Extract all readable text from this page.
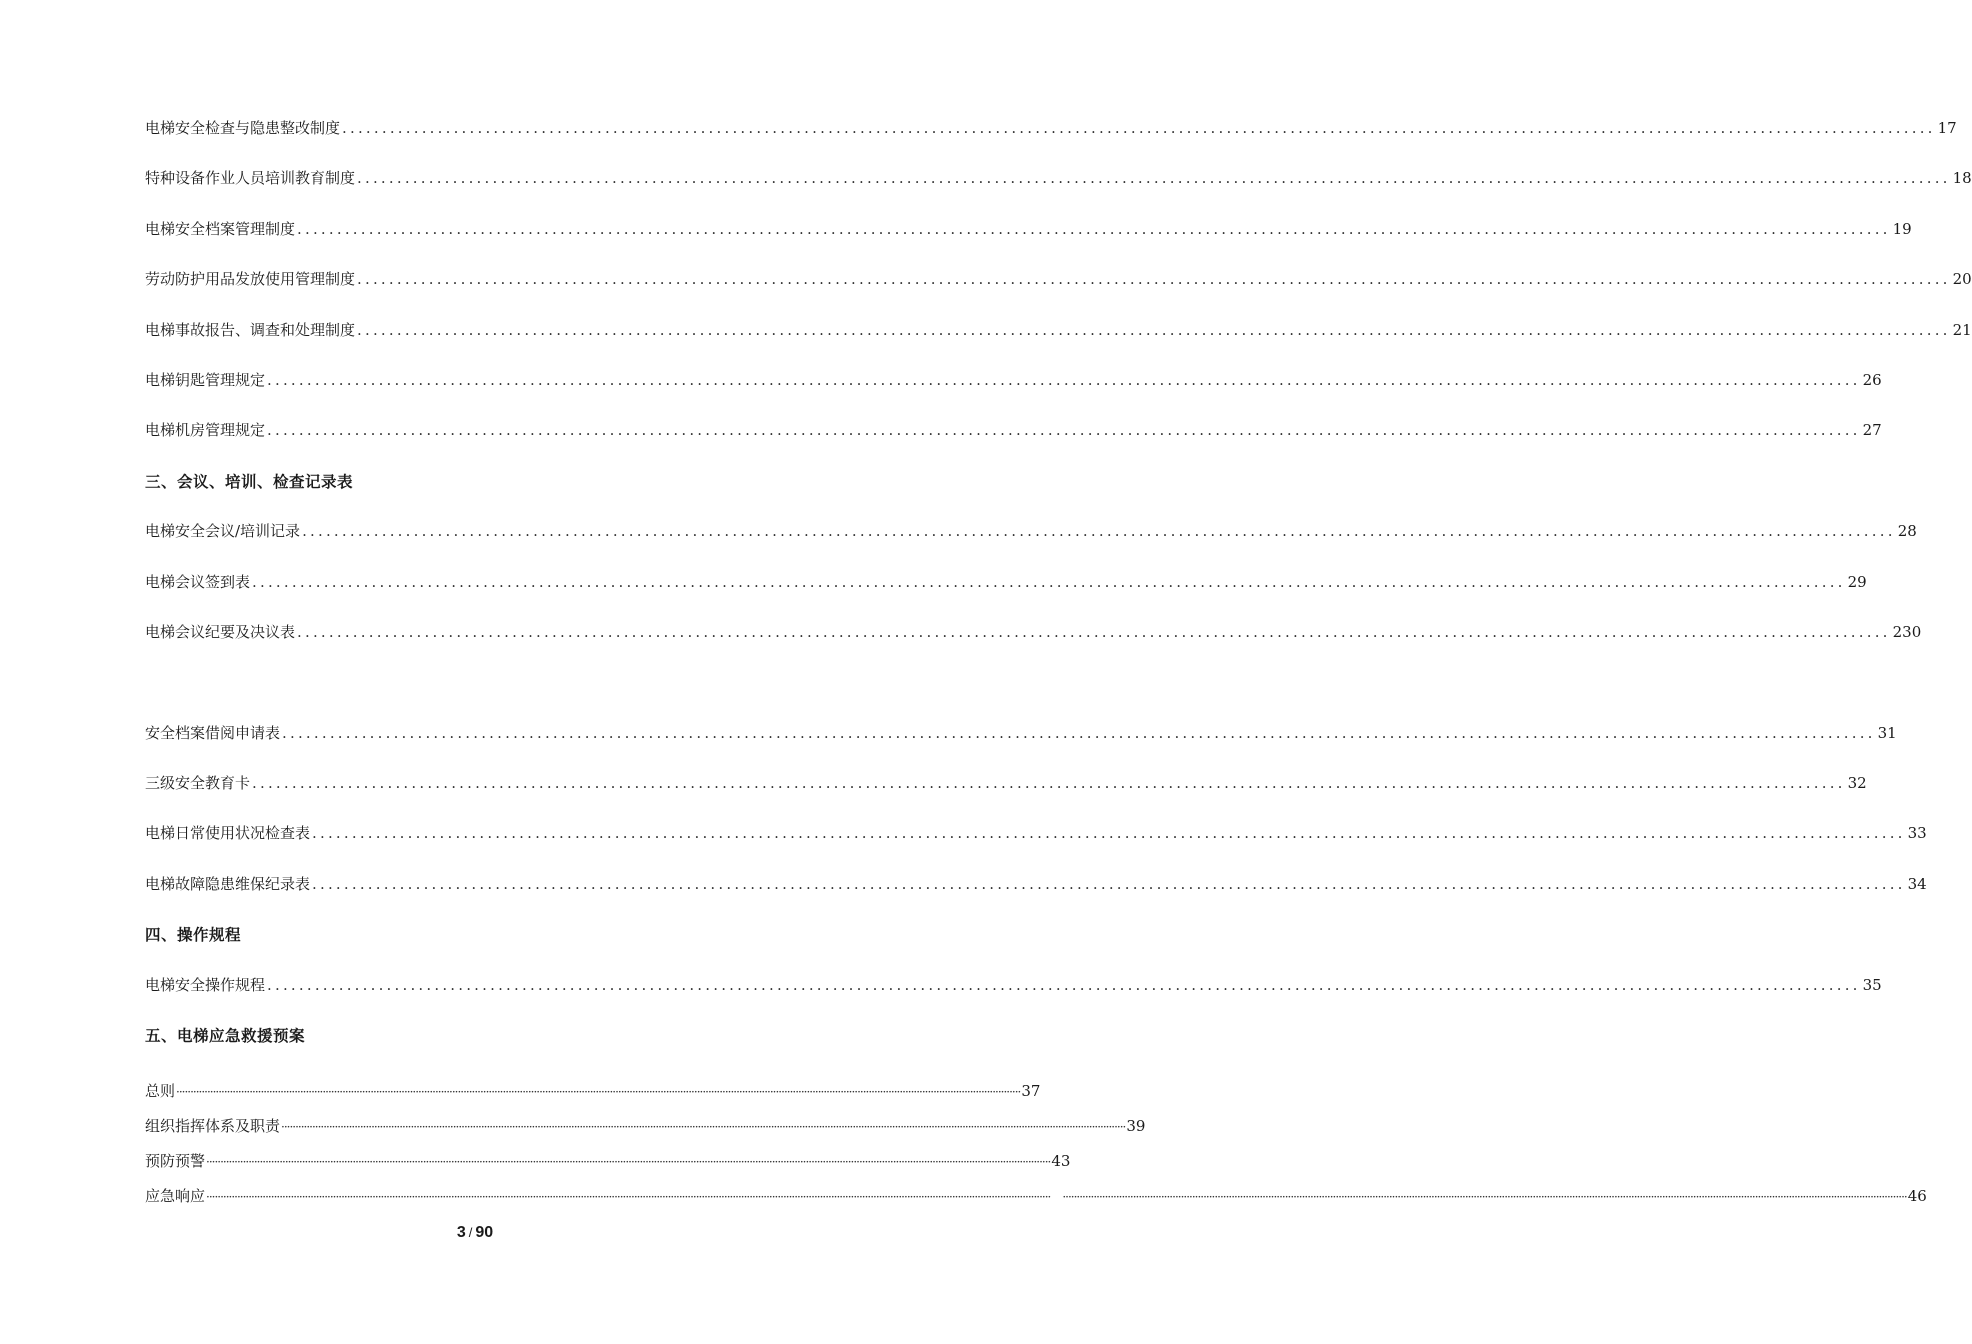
电梯安全检查与隐患整改制度 ........................................................................................................................................................................................................ 17
特种设备作业人员培训教育制度 ........................................................................................................................................................................................................ 18
电梯安全档案管理制度 ........................................................................................................................................................................................................ 19
劳动防护用品发放使用管理制度 ........................................................................................................................................................................................................ 20
电梯事故报告、调查和处理制度 ........................................................................................................................................................................................................ 21
电梯钥匙管理规定 ........................................................................................................................................................................................................ 26
电梯机房管理规定 ........................................................................................................................................................................................................ 27
三、会议、培训、检查记录表
电梯安全会议/培训记录 ........................................................................................................................................................................................................ 28
电梯会议签到表 ........................................................................................................................................................................................................ 29
电梯会议纪要及决议表 ........................................................................................................................................................................................................ 230
安全档案借阅申请表 ........................................................................................................................................................................................................ 31
三级安全教育卡 ........................................................................................................................................................................................................ 32
电梯日常使用状况检查表 ........................................................................................................................................................................................................ 33
电梯故障隐患维保纪录表 ........................................................................................................................................................................................................ 34
四、操作规程
电梯安全操作规程 ........................................................................................................................................................................................................ 35
五、电梯应急救援预案
总则 ············································································································································································································································································································ 37
组织指挥体系及职责 ············································································································································································································································································································ 39
预防预警 ············································································································································································································································································································ 43
应急响应 ············································································································································································································································································································ ············································································································································································································································································································ 46
3 / 90
